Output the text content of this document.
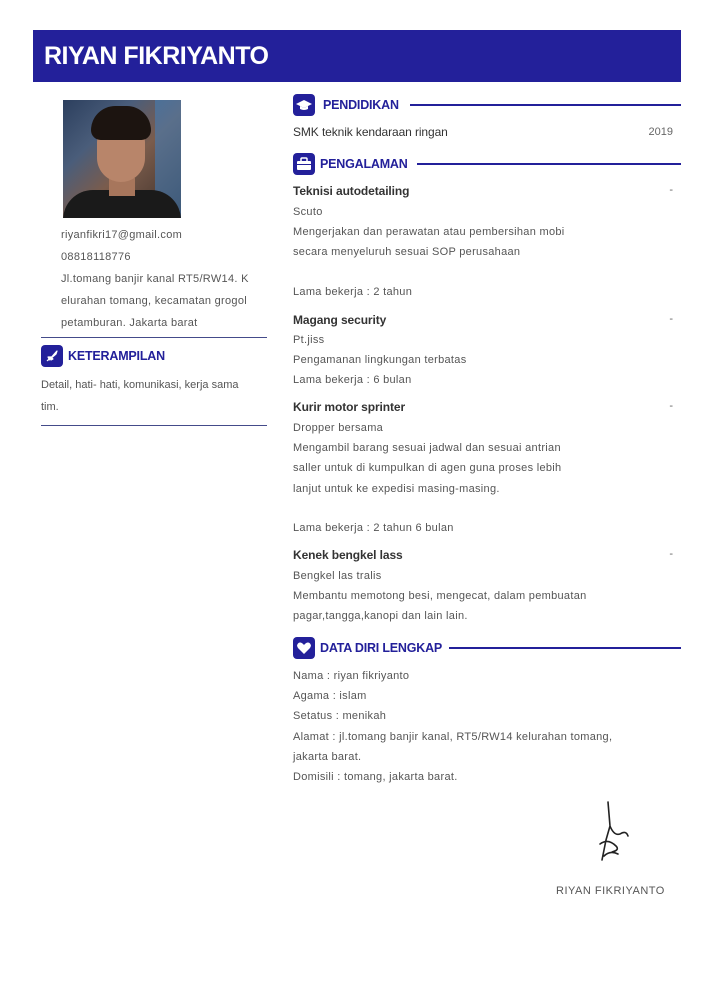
RIYAN FIKRIYANTO
riyanfikri17@gmail.com
08818118776
Jl.tomang banjir kanal RT5/RW14. K
elurahan tomang, kecamatan grogol
petamburan. Jakarta barat
KETERAMPILAN
Detail, hati- hati, komunikasi, kerja sama
tim.
PENDIDIKAN
SMK teknik kendaraan ringan	2019
PENGALAMAN
Teknisi autodetailing	-
Scuto
Mengerjakan dan perawatan atau pembersihan mobi
secara menyeluruh sesuai SOP perusahaan
Lama bekerja : 2 tahun
Magang security	-
Pt.jiss
Pengamanan lingkungan terbatas
Lama bekerja : 6 bulan
Kurir motor sprinter	-
Dropper bersama
Mengambil barang sesuai jadwal dan sesuai antrian
saller untuk di kumpulkan di agen guna proses lebih
lanjut untuk ke expedisi masing-masing.
Lama bekerja : 2 tahun 6 bulan
Kenek bengkel lass	-
Bengkel las tralis
Membantu memotong besi, mengecat, dalam pembuatan
pagar,tangga,kanopi dan lain lain.
DATA DIRI LENGKAP
Nama : riyan fikriyanto
Agama : islam
Setatus : menikah
Alamat : jl.tomang banjir kanal, RT5/RW14 kelurahan tomang,
jakarta barat.
Domisili : tomang, jakarta barat.
RIYAN FIKRIYANTO
